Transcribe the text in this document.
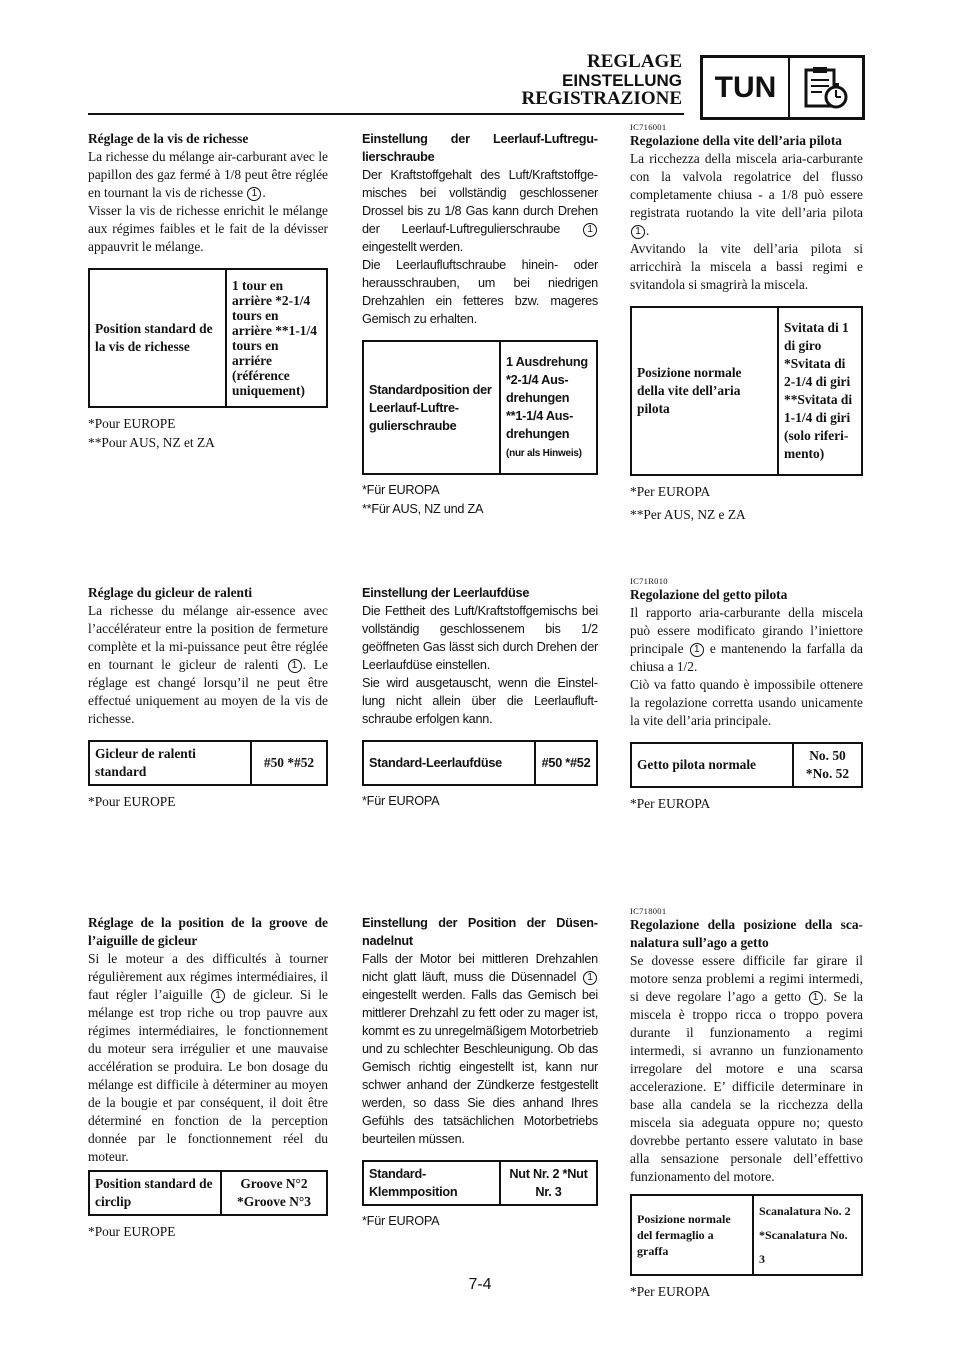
REGLAGE
EINSTELLUNG
REGISTRAZIONE	TUN

Réglage de la vis de richesse

La richesse du mélange air-carburant avec le papillon des gaz fermé à 1/8 peut être réglée en tournant la vis de richesse 1 .

Visser la vis de richesse enrichit le mélange aux régimes faibles et le fait de la dévisser appauvrit le mélange.

Position standard de la vis de richesse	1 tour en arrière *2-1/4 tours en arrière **1-1/4 tours en arriére (référence uniquement)
*Pour EUROPE
**Pour AUS, NZ et ZA

Einstellung der Leerlauf-Luftregulierschraube

Der Kraftstoffgehalt des Luft/Kraftstoffgemisches bei vollständig geschlossener Drossel bis zu 1/8 Gas kann durch Drehen der Leerlauf-Luftregulierschraube	1 eingestellt werden.

Die Leerlaufluftschraube hinein- oder herausschrauben, um bei niedrigen Drehzahlen ein fetteres bzw. mageres Gemisch zu erhalten.

Standardposition der Leerlauf-Luftregulierschraube	1 Ausdrehung *2-1/4 Ausdrehungen **1-1/4 Ausdrehungen
(nur als Hinweis)
*Für EUROPA
**Für AUS, NZ und ZA
IC716001

Regolazione della vite dell’aria pilota

La ricchezza della miscela aria-carburante con la valvola regolatrice del flusso completamente chiusa - a 1/8 può essere registrata ruotando la vite dell’aria pilota 1 .

Avvitando la vite dell’aria pilota si arricchirà la miscela a bassi regimi e svitandola si smagrirà la miscela.

Posizione normale della vite dell’aria pilota	Svitata di 1 di giro *Svitata di 2-1/4 di giri **Svitata di 1-1/4 di giri (solo riferimento)
*Per EUROPA
**Per AUS, NZ e ZA

Réglage du gicleur de ralenti

La richesse du mélange air-essence avec l’accélérateur entre la position de fermeture complète et la mi-puissance peut être réglée en tournant le gicleur de ralenti 1 . Le réglage est changé lorsqu’il ne peut être effectué uniquement au moyen de la vis de richesse.

Gicleur de ralenti standard	#50 *#52
*Pour EUROPE

Einstellung der Leerlaufdüse

Die Fettheit des Luft/Kraftstoffgemischs bei vollständig geschlossenem bis 1/2 geöffneten Gas lässt sich durch Drehen der Leerlaufdüse einstellen.

Sie wird ausgetauscht, wenn die Einstellung nicht allein über die Leerlaufluftschraube erfolgen kann.

Standard-Leerlaufdüse	#50 *#52
*Für EUROPA
IC71R010

Regolazione del getto pilota

Il rapporto aria-carburante della miscela può essere modificato girando l’iniettore principale 1 e mantenendo la farfalla da chiusa a 1/2.

Ciò va fatto quando è impossibile ottenere la regolazione corretta usando unicamente la vite dell’aria principale.

Getto pilota normale	No. 50 *No. 52
*Per EUROPA

Réglage de la position de la groove de l’aiguille de gicleur

Si le moteur a des difficultés à tourner régulièrement aux régimes intermédiaires, il faut régler l’aiguille 1 de gicleur. Si le mélange est trop riche ou trop pauvre aux régimes intermédiaires, le fonctionnement du moteur sera irrégulier et une mauvaise accélération se produira. Le bon dosage du mélange est difficile à déterminer au moyen de la bougie et par conséquent, il doit être déterminé en fonction de la perception donnée par le fonctionnement réel du moteur.

Position standard de circlip	Groove N°2 *Groove N°3
*Pour EUROPE

Einstellung der Position der Düsennadelnut

Falls der Motor bei mittleren Drehzahlen nicht glatt läuft, muss die Düsennadel 1 eingestellt werden. Falls das Gemisch bei mittlerer Drehzahl zu fett oder zu mager ist, kommt es zu unregelmäßigem Motorbetrieb und zu schlechter Beschleunigung. Ob das Gemisch richtig eingestellt ist, kann nur schwer anhand der Zündkerze festgestellt werden, so dass Sie dies anhand Ihres Gefühls des tatsächlichen Motorbetriebs beurteilen müssen.

Standard-Klemmposition	Nut Nr. 2 *Nut Nr. 3
*Für EUROPA
IC718001

Regolazione della posizione della scanalatura sull’ago a getto

Se dovesse essere difficile far girare il motore senza problemi a regimi intermedi, si deve regolare l’ago a getto 1 . Se la miscela è troppo ricca o troppo povera durante il funzionamento a regimi intermedi, si avranno un funzionamento irregolare del motore e una scarsa accelerazione. E’ difficile determinare in base alla candela se la ricchezza della miscela sia adeguata oppure no; questo dovrebbe pertanto essere valutato in base alla sensazione personale dell’effettivo funzionamento del motore.

Posizione normale del fermaglio a graffa	Scanalatura No. 2 *Scanalatura No. 3
*Per EUROPA
7-4
